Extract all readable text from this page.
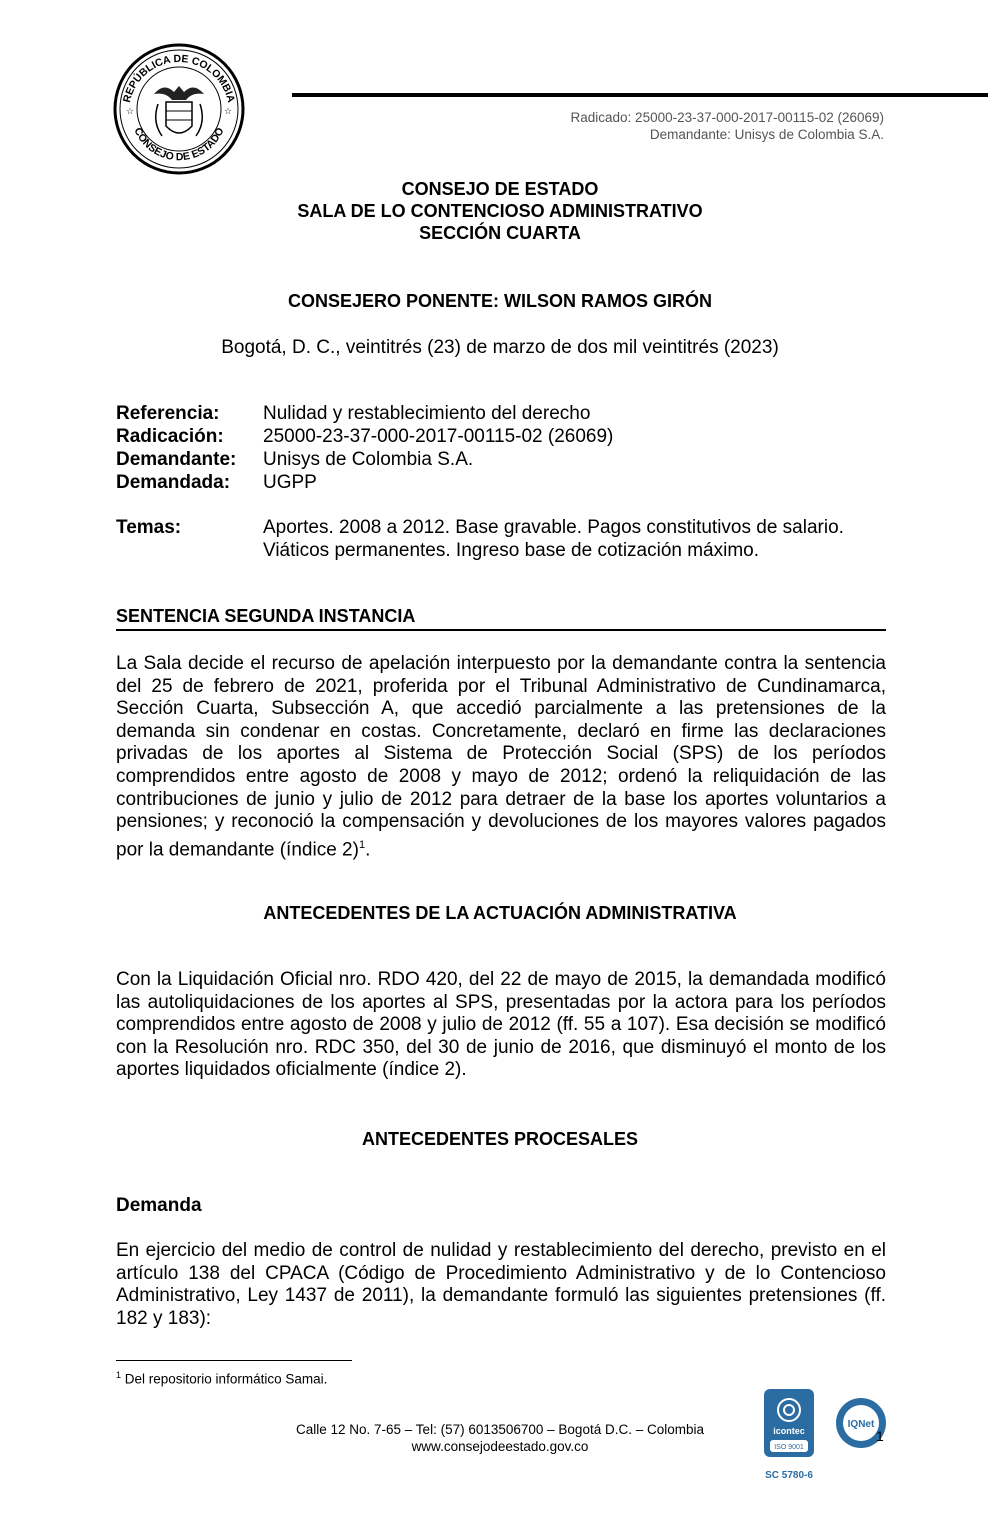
REPÚBLICA DE COLOMBIA
CONSEJO DE ESTADO
☆	☆	Radicado: 25000-23-37-000-2017-00115-02 (26069)
Demandante: Unisys de Colombia S.A.
CONSEJO DE ESTADO
SALA DE LO CONTENCIOSO ADMINISTRATIVO
SECCIÓN CUARTA
CONSEJERO PONENTE: WILSON RAMOS GIRÓN
Bogotá, D. C., veintitrés (23) de marzo de dos mil veintitrés (2023)
Referencia:	Nulidad y restablecimiento del derecho
Radicación:	25000-23-37-000-2017-00115-02 (26069)
Demandante:	Unisys de Colombia S.A.
Demandada:	UGPP
Temas:	Aportes. 2008 a 2012. Base gravable. Pagos constitutivos de salario. Viáticos permanentes. Ingreso base de cotización máximo.
SENTENCIA SEGUNDA INSTANCIA
La Sala decide el recurso de apelación interpuesto por la demandante contra la sentencia del 25 de febrero de 2021, proferida por el Tribunal Administrativo de Cundinamarca, Sección Cuarta, Subsección A, que accedió parcialmente a las pretensiones de la demanda sin condenar en costas. Concretamente, declaró en firme las declaraciones privadas de los aportes al Sistema de Protección Social (SPS) de los períodos comprendidos entre agosto de 2008 y mayo de 2012; ordenó la reliquidación de las contribuciones de junio y julio de 2012 para detraer de la base los aportes voluntarios a pensiones; y reconoció la compensación y devoluciones de los mayores valores pagados por la demandante (índice 2)$^1$.
ANTECEDENTES DE LA ACTUACIÓN ADMINISTRATIVA
Con la Liquidación Oficial nro. RDO 420, del 22 de mayo de 2015, la demandada modificó las autoliquidaciones de los aportes al SPS, presentadas por la actora para los períodos comprendidos entre agosto de 2008 y julio de 2012 (ff. 55 a 107). Esa decisión se modificó con la Resolución nro. RDC 350, del 30 de junio de 2016, que disminuyó el monto de los aportes liquidados oficialmente (índice 2).
ANTECEDENTES PROCESALES
Demanda
En ejercicio del medio de control de nulidad y restablecimiento del derecho, previsto en el artículo 138 del CPACA (Código de Procedimiento Administrativo y de lo Contencioso Administrativo, Ley 1437 de 2011), la demandante formuló las siguientes pretensiones (ff. 182 y 183):
$^1$ Del repositorio informático Samai.
Calle 12 No. 7-65 – Tel: (57) 6013506700 – Bogotá D.C. – Colombia
www.consejodeestado.gov.co
icontec
ISO 9001
SC 5780-6
IQNet
1
